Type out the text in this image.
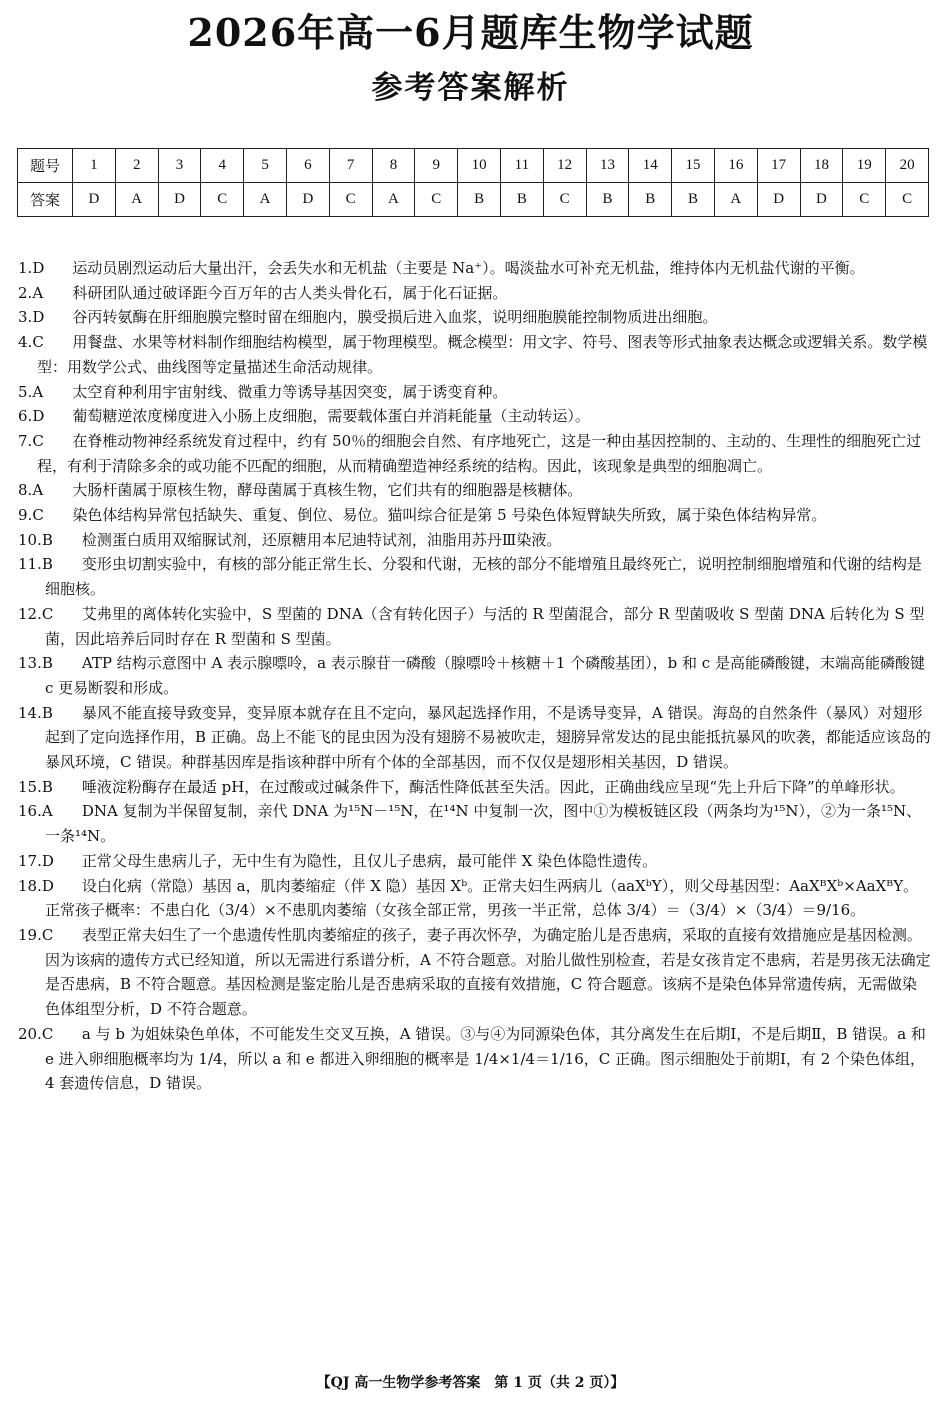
2026年高一6月题库生物学试题
参考答案解析
题号	1	2	3	4	5	6	7	8	9	10	11	12	13	14	15	16	17	18	19	20
答案	D	A	D	C	A	D	C	A	C	B	B	C	B	B	B	A	D	D	C	C

1.D 运动员剧烈运动后大量出汗，会丢失水和无机盐（主要是 Na⁺）。喝淡盐水可补充无机盐，维持体内无机盐代谢的平衡。

2.A 科研团队通过破译距今百万年的古人类头骨化石，属于化石证据。

3.D 谷丙转氨酶在肝细胞膜完整时留在细胞内，膜受损后进入血浆，说明细胞膜能控制物质进出细胞。

4.C 用餐盘、水果等材料制作细胞结构模型，属于物理模型。概念模型：用文字、符号、图表等形式抽象表达概念或逻辑关系。数学模型：用数学公式、曲线图等定量描述生命活动规律。

5.A 太空育种利用宇宙射线、微重力等诱导基因突变，属于诱变育种。

6.D 葡萄糖逆浓度梯度进入小肠上皮细胞，需要载体蛋白并消耗能量（主动转运）。

7.C 在脊椎动物神经系统发育过程中，约有 50％的细胞会自然、有序地死亡，这是一种由基因控制的、主动的、生理性的细胞死亡过程，有利于清除多余的或功能不匹配的细胞，从而精确塑造神经系统的结构。因此，该现象是典型的细胞凋亡。

8.A 大肠杆菌属于原核生物，酵母菌属于真核生物，它们共有的细胞器是核糖体。

9.C 染色体结构异常包括缺失、重复、倒位、易位。猫叫综合征是第 5 号染色体短臂缺失所致，属于染色体结构异常。

10.B 检测蛋白质用双缩脲试剂，还原糖用本尼迪特试剂，油脂用苏丹Ⅲ染液。

11.B 变形虫切割实验中，有核的部分能正常生长、分裂和代谢，无核的部分不能增殖且最终死亡，说明控制细胞增殖和代谢的结构是细胞核。

12.C 艾弗里的离体转化实验中，S 型菌的 DNA（含有转化因子）与活的 R 型菌混合，部分 R 型菌吸收 S 型菌 DNA 后转化为 S 型菌，因此培养后同时存在 R 型菌和 S 型菌。

13.B ATP 结构示意图中 A 表示腺嘌呤，a 表示腺苷一磷酸（腺嘌呤＋核糖＋1 个磷酸基团），b 和 c 是高能磷酸键，末端高能磷酸键 c 更易断裂和形成。

14.B 暴风不能直接导致变异，变异原本就存在且不定向，暴风起选择作用，不是诱导变异，A 错误。海岛的自然条件（暴风）对翅形起到了定向选择作用，B 正确。岛上不能飞的昆虫因为没有翅膀不易被吹走，翅膀异常发达的昆虫能抵抗暴风的吹袭，都能适应该岛的暴风环境，C 错误。种群基因库是指该种群中所有个体的全部基因，而不仅仅是翅形相关基因，D 错误。

15.B 唾液淀粉酶存在最适 pH，在过酸或过碱条件下，酶活性降低甚至失活。因此，正确曲线应呈现“先上升后下降”的单峰形状。

16.A DNA 复制为半保留复制，亲代 DNA 为¹⁵N－¹⁵N，在¹⁴N 中复制一次，图中①为模板链区段（两条均为¹⁵N），②为一条¹⁵N、一条¹⁴N。

17.D 正常父母生患病儿子，无中生有为隐性，且仅儿子患病，最可能伴 X 染色体隐性遗传。

18.D 设白化病（常隐）基因 a，肌肉萎缩症（伴 X 隐）基因 Xᵇ。正常夫妇生两病儿（aaXᵇY），则父母基因型：AaXᴮXᵇ×AaXᴮY。正常孩子概率：不患白化（3/4）×不患肌肉萎缩（女孩全部正常，男孩一半正常，总体 3/4）＝（3/4）×（3/4）＝9/16。

19.C 表型正常夫妇生了一个患遗传性肌肉萎缩症的孩子，妻子再次怀孕，为确定胎儿是否患病，采取的直接有效措施应是基因检测。因为该病的遗传方式已经知道，所以无需进行系谱分析，A 不符合题意。对胎儿做性别检查，若是女孩肯定不患病，若是男孩无法确定是否患病，B 不符合题意。基因检测是鉴定胎儿是否患病采取的直接有效措施，C 符合题意。该病不是染色体异常遗传病，无需做染色体组型分析，D 不符合题意。

20.C a 与 b 为姐妹染色单体，不可能发生交叉互换，A 错误。③与④为同源染色体，其分离发生在后期Ⅰ，不是后期Ⅱ，B 错误。a 和 e 进入卵细胞概率均为 1/4，所以 a 和 e 都进入卵细胞的概率是 1/4×1/4＝1/16，C 正确。图示细胞处于前期Ⅰ，有 2 个染色体组，4 套遗传信息，D 错误。

【QJ 高一生物学参考答案　第 1 页（共 2 页）】
